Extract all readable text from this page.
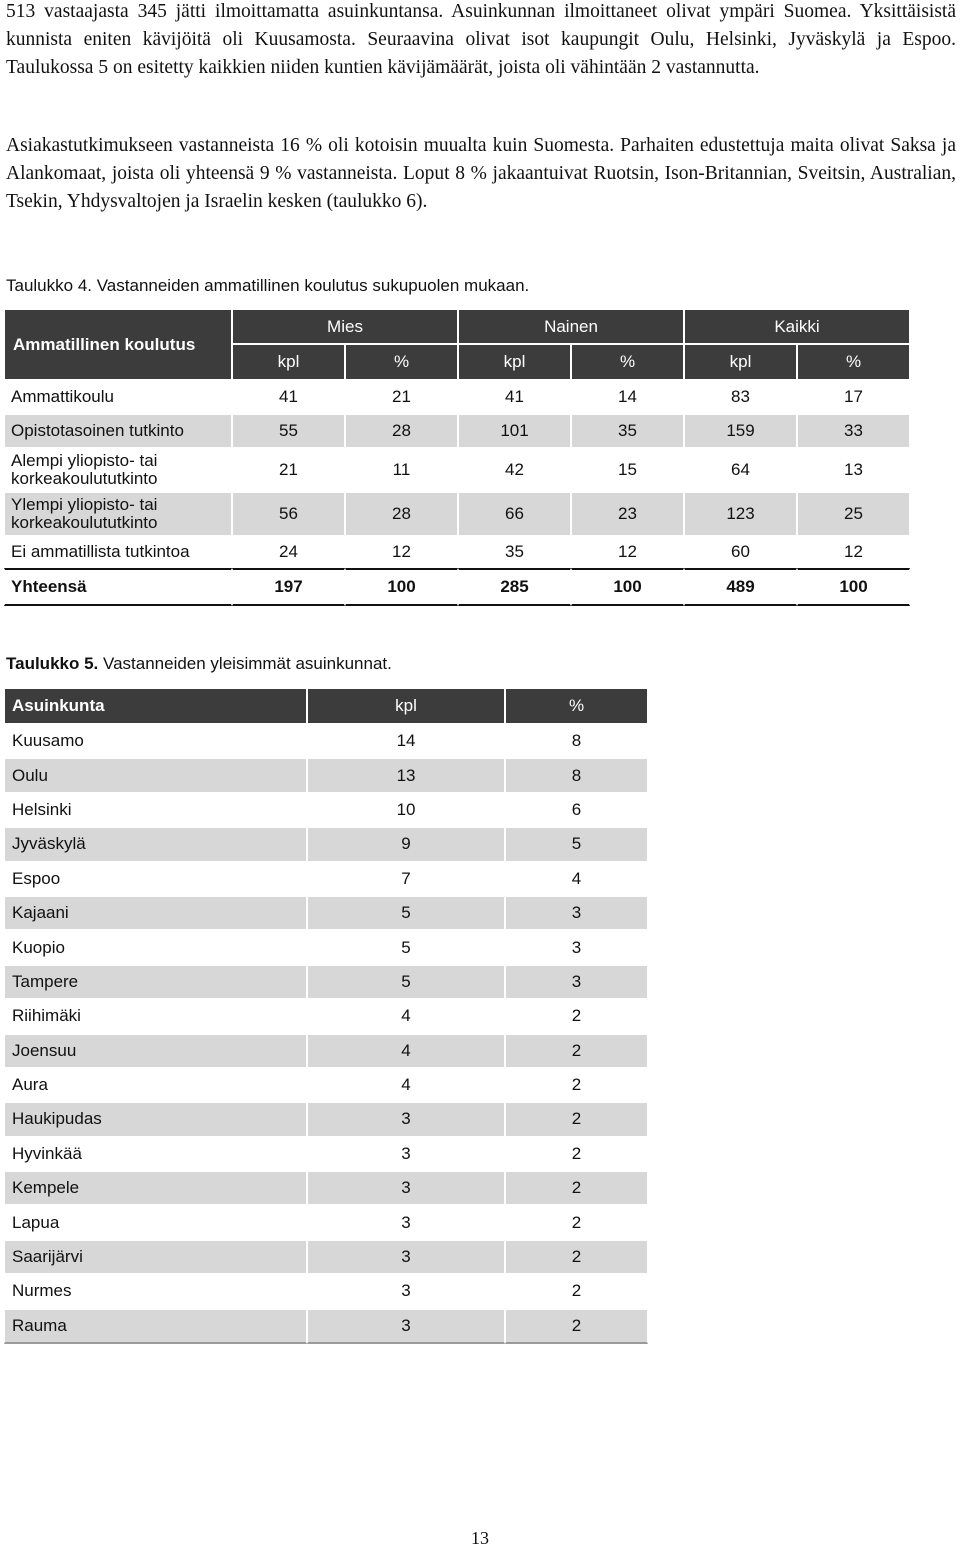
513 vastaajasta 345 jätti ilmoittamatta asuinkuntansa. Asuinkunnan ilmoittaneet olivat ympäri Suomea. Yksittäisistä kunnista eniten kävijöitä oli Kuusamosta. Seuraavina olivat isot kaupungit Oulu, Helsinki, Jyväskylä ja Espoo. Taulukossa 5 on esitetty kaikkien niiden kuntien kävijämäärät, joista oli vähintään 2 vastannutta.

Asiakastutkimukseen vastanneista 16 % oli kotoisin muualta kuin Suomesta. Parhaiten edustettuja maita olivat Saksa ja Alankomaat, joista oli yhteensä 9 % vastanneista. Loput 8 % jakaantuivat Ruotsin, Ison-Britannian, Sveitsin, Australian, Tsekin, Yhdysvaltojen ja Israelin kesken (taulukko 6).

Taulukko 4. Vastanneiden ammatillinen koulutus sukupuolen mukaan.

Ammatillinen koulutus	Mies		Nainen		Kaikki	
	kpl	%	kpl	%	kpl	%
Ammattikoulu	41	21	41	14	83	17
Opistotasoinen tutkinto	55	28	101	35	159	33
Alempi yliopisto- tai
korkeakoulututkinto	21	11	42	15	64	13
Ylempi yliopisto- tai
korkeakoulututkinto	56	28	66	23	123	25
Ei ammatillista tutkintoa	24	12	35	12	60	12
Yhteensä	197	100	285	100	489	100

Taulukko 5. Vastanneiden yleisimmät asuinkunnat.

Asuinkunta	kpl	%
Kuusamo	14	8
Oulu	13	8
Helsinki	10	6
Jyväskylä	9	5
Espoo	7	4
Kajaani	5	3
Kuopio	5	3
Tampere	5	3
Riihimäki	4	2
Joensuu	4	2
Aura	4	2
Haukipudas	3	2
Hyvinkää	3	2
Kempele	3	2
Lapua	3	2
Saarijärvi	3	2
Nurmes	3	2
Rauma	3	2
13
